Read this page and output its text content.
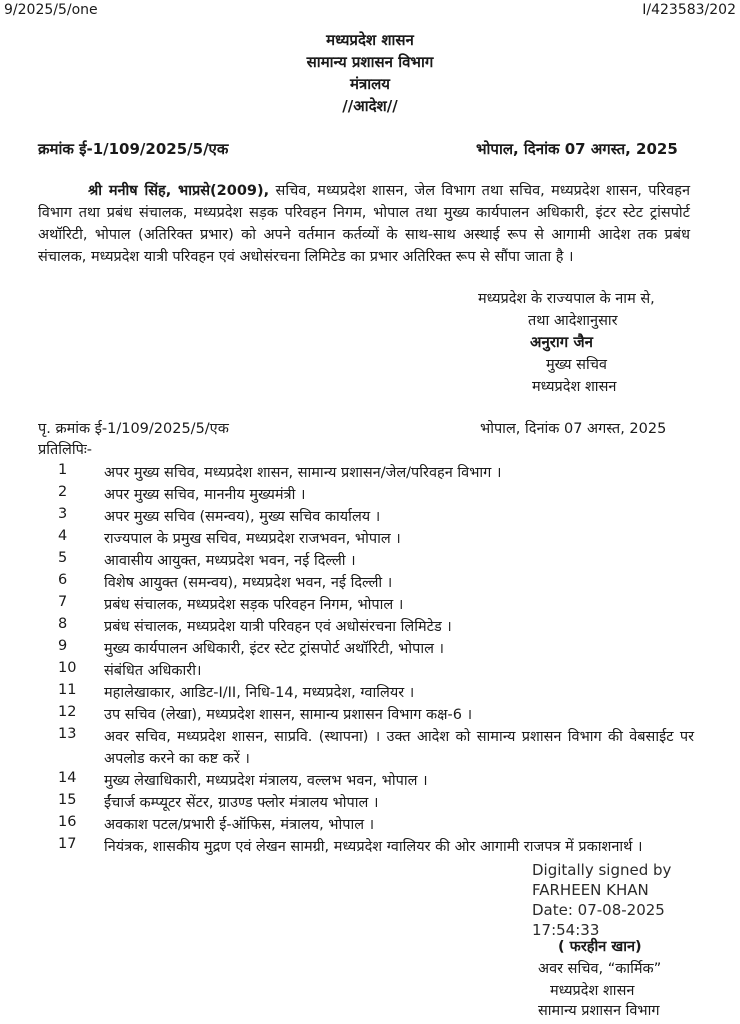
9/2025/5/one	I/423583/202
मध्यप्रदेश शासन
सामान्य प्रशासन विभाग
मंत्रालय
//आदेश//
क्रमांक ई-1/109/2025/5/एक	भोपाल, दिनांक 07 अगस्त, 2025

श्री मनीष सिंह, भाप्रसे(2009), सचिव, मध्यप्रदेश शासन, जेल विभाग तथा सचिव, मध्यप्रदेश शासन, परिवहन विभाग तथा प्रबंध संचालक, मध्यप्रदेश सड़क परिवहन निगम, भोपाल तथा मुख्य कार्यपालन अधिकारी, इंटर स्टेट ट्रांसपोर्ट अथॉरिटी, भोपाल (अतिरिक्त प्रभार) को अपने वर्तमान कर्तव्यों के साथ-साथ अस्थाई रूप से आगामी आदेश तक प्रबंध संचालक, मध्यप्रदेश यात्री परिवहन एवं अधोसंरचना लिमिटेड का प्रभार अतिरिक्त रूप से सौंपा जाता है ।

मध्यप्रदेश के राज्यपाल के नाम से,
तथा आदेशानुसार
अनुराग जैन
मुख्य सचिव
मध्यप्रदेश शासन
पृ. क्रमांक ई-1/109/2025/5/एक	भोपाल, दिनांक 07 अगस्त, 2025
प्रतिलिपिः-
1	अपर मुख्य सचिव, मध्यप्रदेश शासन, सामान्य प्रशासन/जेल/परिवहन विभाग ।
2	अपर मुख्य सचिव, माननीय मुख्यमंत्री ।
3	अपर मुख्य सचिव (समन्वय), मुख्य सचिव कार्यालय ।
4	राज्यपाल के प्रमुख सचिव, मध्यप्रदेश राजभवन, भोपाल ।
5	आवासीय आयुक्त, मध्यप्रदेश भवन, नई दिल्ली ।
6	विशेष आयुक्त (समन्वय), मध्यप्रदेश भवन, नई दिल्ली ।
7	प्रबंध संचालक, मध्यप्रदेश सड़क परिवहन निगम, भोपाल ।
8	प्रबंध संचालक, मध्यप्रदेश यात्री परिवहन एवं अधोसंरचना लिमिटेड ।
9	मुख्य कार्यपालन अधिकारी, इंटर स्टेट ट्रांसपोर्ट अथॉरिटी, भोपाल ।
10	संबंधित अधिकारी।
11	महालेखाकार, आडिट-I/II, निधि-14, मध्यप्रदेश, ग्वालियर ।
12	उप सचिव (लेखा), मध्यप्रदेश शासन, सामान्य प्रशासन विभाग कक्ष-6 ।
13	अवर सचिव, मध्यप्रदेश शासन, साप्रवि. (स्थापना) । उक्त आदेश को सामान्य प्रशासन विभाग की वेबसाईट पर अपलोड करने का कष्ट करें ।
14	मुख्य लेखाधिकारी, मध्यप्रदेश मंत्रालय, वल्लभ भवन, भोपाल ।
15	ईंचार्ज कम्प्यूटर सेंटर, ग्राउण्ड फ्लोर मंत्रालय भोपाल ।
16	अवकाश पटल/प्रभारी ई-ऑफिस, मंत्रालय, भोपाल ।
17	नियंत्रक, शासकीय मुद्रण एवं लेखन सामग्री, मध्यप्रदेश ग्वालियर की ओर आगामी राजपत्र में प्रकाशनार्थ ।
Digitally signed by
FARHEEN KHAN
Date: 07-08-2025
17:54:33
( फरहीन खान)
अवर सचिव, “कार्मिक”
मध्यप्रदेश शासन
सामान्य प्रशासन विभाग
